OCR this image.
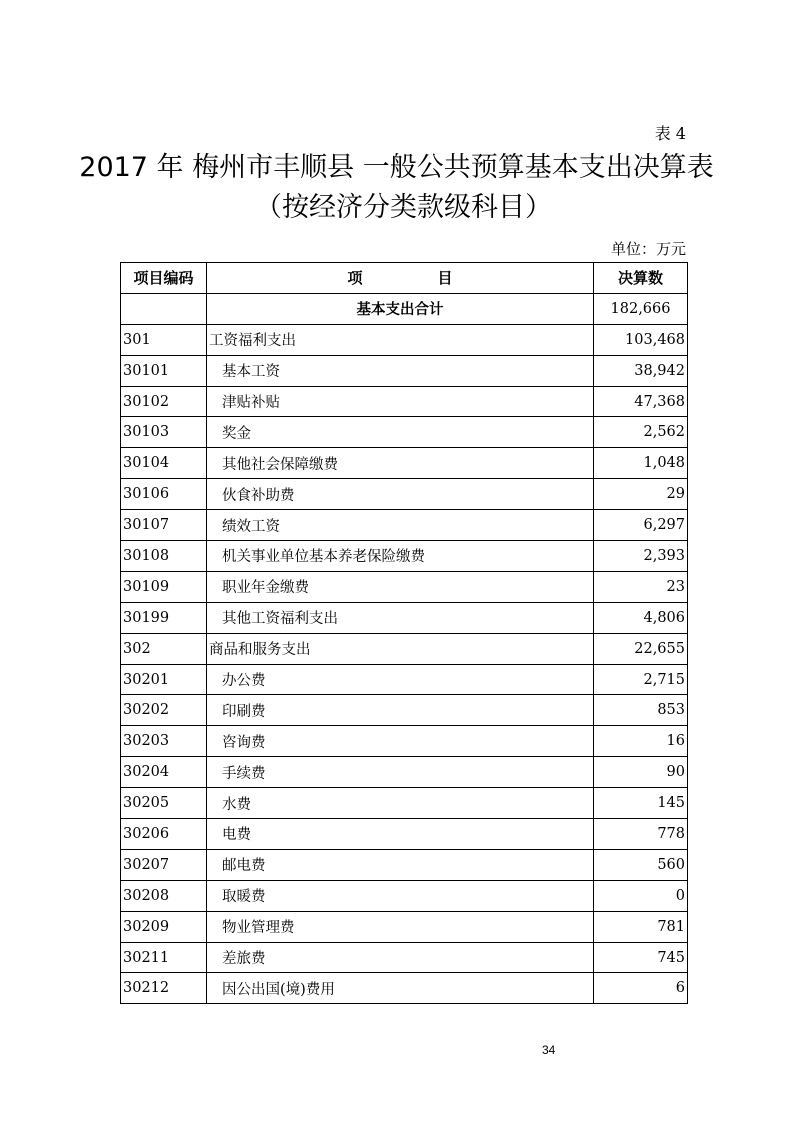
表 4
2017 年 梅州市丰顺县 一般公共预算基本支出决算表
（按经济分类款级科目）
单位：万元
项目编码	项　　　　　目	决算数
	基本支出合计	182,666
301	工资福利支出	103,468
30101	基本工资	38,942
30102	津贴补贴	47,368
30103	奖金	2,562
30104	其他社会保障缴费	1,048
30106	伙食补助费	29
30107	绩效工资	6,297
30108	机关事业单位基本养老保险缴费	2,393
30109	职业年金缴费	23
30199	其他工资福利支出	4,806
302	商品和服务支出	22,655
30201	办公费	2,715
30202	印刷费	853
30203	咨询费	16
30204	手续费	90
30205	水费	145
30206	电费	778
30207	邮电费	560
30208	取暖费	0
30209	物业管理费	781
30211	差旅费	745
30212	因公出国(境)费用	6
34
